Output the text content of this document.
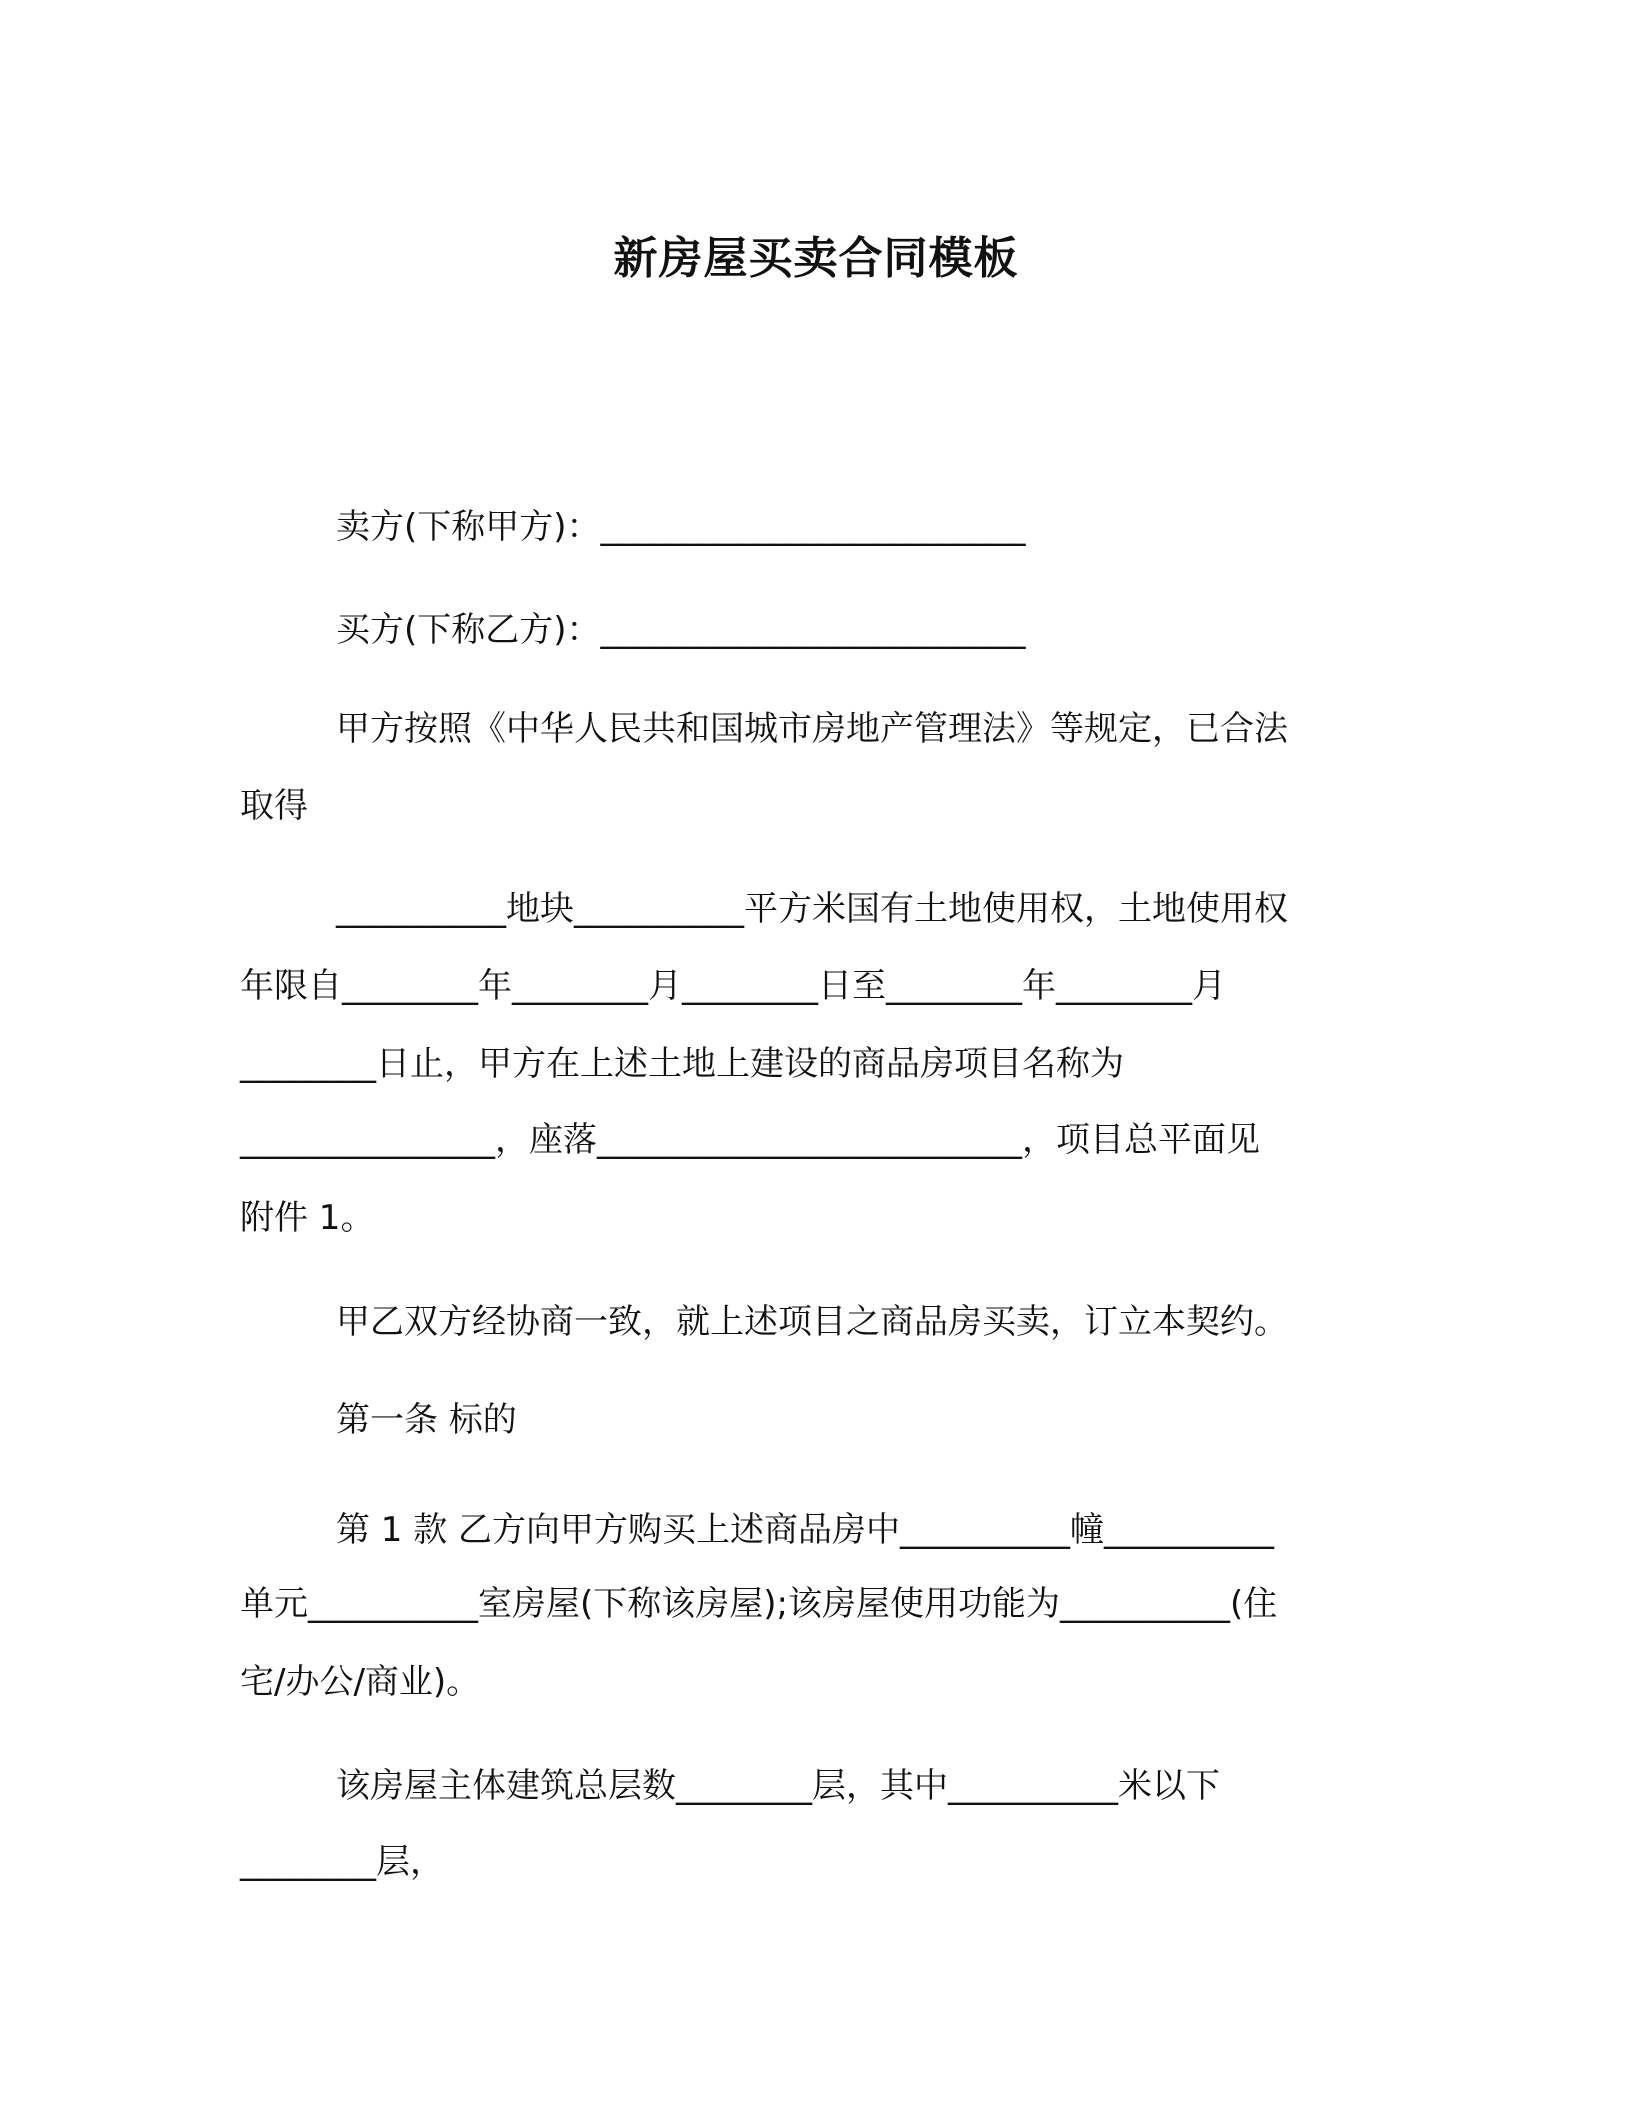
新房屋买卖合同模板
卖方(下称甲方)：_________________________
买方(下称乙方)：_________________________
甲方按照《中华人民共和国城市房地产管理法》等规定，已合法
取得
__________地块__________平方米国有土地使用权，土地使用权
年限自________年________月________日至________年________月
________日止，甲方在上述土地上建设的商品房项目名称为
_______________，座落_________________________，项目总平面见
附件 1。
甲乙双方经协商一致，就上述项目之商品房买卖，订立本契约。
第一条 标的
第 1 款 乙方向甲方购买上述商品房中__________幢__________
单元__________室房屋(下称该房屋);该房屋使用功能为__________(住
宅/办公/商业)。
该房屋主体建筑总层数________层，其中__________米以下
________层，
